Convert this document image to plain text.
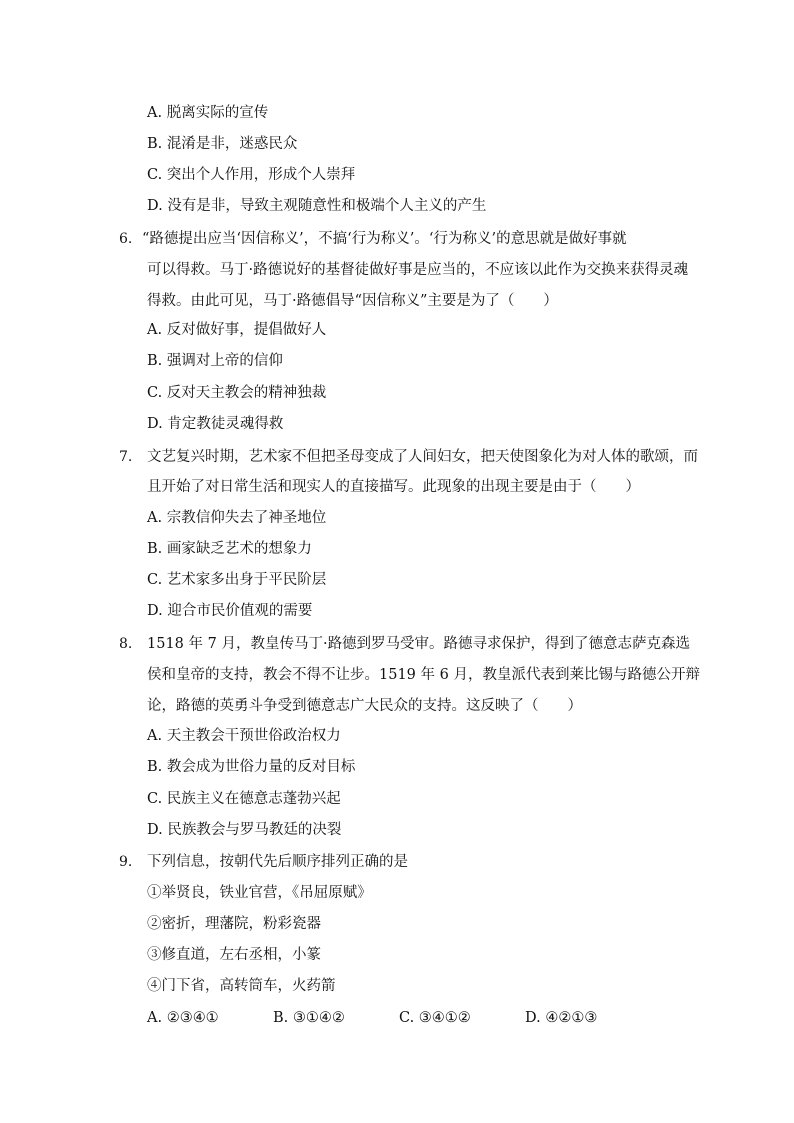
A. 脱离实际的宣传
B. 混淆是非，迷惑民众
C. 突出个人作用，形成个人崇拜
D. 没有是非，导致主观随意性和极端个人主义的产生
6. “路德提出应当‘因信称义’，不搞‘行为称义’。‘行为称义’的意思就是做好事就
可以得救。马丁·路德说好的基督徒做好事是应当的，不应该以此作为交换来获得灵魂
得救。由此可见，马丁·路德倡导“因信称义”主要是为了（　　）
A. 反对做好事，提倡做好人
B. 强调对上帝的信仰
C. 反对天主教会的精神独裁
D. 肯定教徒灵魂得救
7. 文艺复兴时期，艺术家不但把圣母变成了人间妇女，把天使图象化为对人体的歌颂，而
且开始了对日常生活和现实人的直接描写。此现象的出现主要是由于（　　）
A. 宗教信仰失去了神圣地位
B. 画家缺乏艺术的想象力
C. 艺术家多出身于平民阶层
D. 迎合市民价值观的需要
8. 1518 年 7 月，教皇传马丁·路德到罗马受审。路德寻求保护，得到了德意志萨克森选
侯和皇帝的支持，教会不得不让步。1519 年 6 月，教皇派代表到莱比锡与路德公开辩
论，路德的英勇斗争受到德意志广大民众的支持。这反映了（　　）
A. 天主教会干预世俗政治权力
B. 教会成为世俗力量的反对目标
C. 民族主义在德意志蓬勃兴起
D. 民族教会与罗马教廷的决裂
9. 下列信息，按朝代先后顺序排列正确的是
①举贤良，铁业官营，《吊屈原赋》
②密折，理藩院，粉彩瓷器
③修直道，左右丞相，小篆
④门下省，高转筒车，火药箭
A. ②③④①	B. ③①④②	C. ③④①②	D. ④②①③
